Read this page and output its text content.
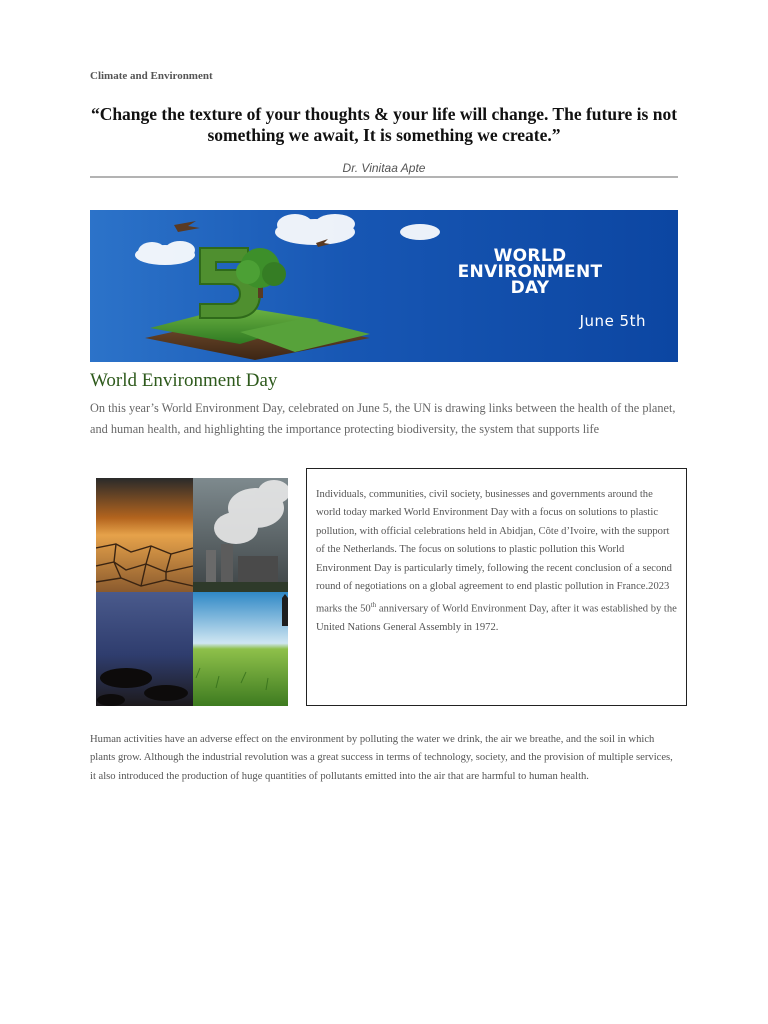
Climate and Environment
“Change the texture of your thoughts & your life will change. The future is not something we await, It is something we create.”
Dr. Vinitaa Apte
WORLD
ENVIRONMENT
DAY
June 5th
World Environment Day
On this year’s World Environment Day, celebrated on June 5, the UN is drawing links between the health of the planet, and human health, and highlighting the importance protecting biodiversity, the system that supports life

Individuals, communities, civil society, businesses and governments around the world today marked World Environment Day with a focus on solutions to plastic pollution, with official celebrations held in Abidjan, Côte d’Ivoire, with the support of the Netherlands. The focus on solutions to plastic pollution this World Environment Day is particularly timely, following the recent conclusion of a second round of negotiations on a global agreement to end plastic pollution in France.2023 marks the 50th anniversary of World Environment Day, after it was established by the United Nations General Assembly in 1972.

Human activities have an adverse effect on the environment by polluting the water we drink, the air we breathe, and the soil in which plants grow. Although the industrial revolution was a great success in terms of technology, society, and the provision of multiple services, it also introduced the production of huge quantities of pollutants emitted into the air that are harmful to human health.
